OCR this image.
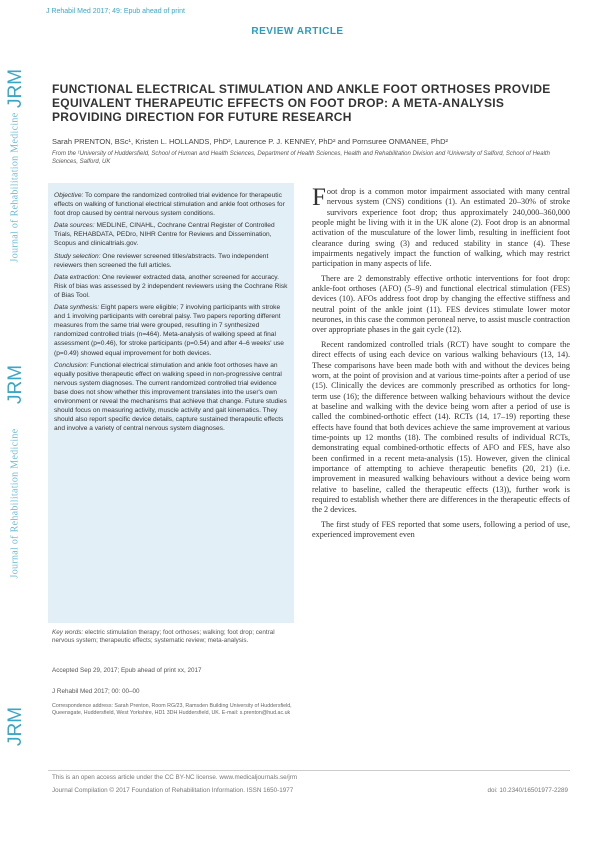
JRM
Journal of Rehabilitation Medicine
JRM
Journal of Rehabilitation Medicine
JRM
J Rehabil Med 2017; 49: Epub ahead of print
REVIEW ARTICLE
FUNCTIONAL ELECTRICAL STIMULATION AND ANKLE FOOT ORTHOSES PROVIDE EQUIVALENT THERAPEUTIC EFFECTS ON FOOT DROP: A META-ANALYSIS PROVIDING DIRECTION FOR FUTURE RESEARCH
Sarah PRENTON, BSc¹, Kristen L. HOLLANDS, PhD², Laurence P. J. KENNEY, PhD² and Pornsuree ONMANEE, PhD²
From the ¹University of Huddersfield, School of Human and Health Sciences, Department of Health Sciences, Health and Rehabilitation Division and ²University of Salford, School of Health Sciences, Salford, UK

Objective: To compare the randomized controlled trial evidence for therapeutic effects on walking of functional electrical stimulation and ankle foot orthoses for foot drop caused by central nervous system conditions.

Data sources: MEDLINE, CINAHL, Cochrane Central Register of Controlled Trials, REHABDATA, PEDro, NIHR Centre for Reviews and Dissemination, Scopus and clinicaltrials.gov.

Study selection: One reviewer screened titles/abstracts. Two independent reviewers then screened the full articles.

Data extraction: One reviewer extracted data, another screened for accuracy. Risk of bias was assessed by 2 independent reviewers using the Cochrane Risk of Bias Tool.

Data synthesis: Eight papers were eligible; 7 involving participants with stroke and 1 involving participants with cerebral palsy. Two papers reporting different measures from the same trial were grouped, resulting in 7 synthesized randomized controlled trials (n=464). Meta-analysis of walking speed at final assessment (p=0.46), for stroke participants (p=0.54) and after 4–6 weeks' use (p=0.49) showed equal improvement for both devices.

Conclusion: Functional electrical stimulation and ankle foot orthoses have an equally positive therapeutic effect on walking speed in non-progressive central nervous system diagnoses. The current randomized controlled trial evidence base does not show whether this improvement translates into the user's own environment or reveal the mechanisms that achieve that change. Future studies should focus on measuring activity, muscle activity and gait kinematics. They should also report specific device details, capture sustained therapeutic effects and involve a variety of central nervous system diagnoses.

Key words: electric stimulation therapy; foot orthoses; walking; foot drop; central nervous system; therapeutic effects; systematic review; meta-analysis.
Accepted Sep 29, 2017; Epub ahead of print xx, 2017
J Rehabil Med 2017; 00: 00–00
Correspondence address: Sarah Prenton, Room RG/23, Ramsden Building University of Huddersfield, Queensgate, Huddersfield, West Yorkshire, HD1 3DH Huddersfield, UK. E-mail: s.prenton@hud.ac.uk

Foot drop is a common motor impairment associated with many central nervous system (CNS) conditions (1). An estimated 20–30% of stroke survivors experience foot drop; thus approximately 240,000–360,000 people might be living with it in the UK alone (2). Foot drop is an abnormal activation of the musculature of the lower limb, resulting in inefficient foot clearance during swing (3) and reduced stability in stance (4). These impairments negatively impact the function of walking, which may restrict participation in many aspects of life.

There are 2 demonstrably effective orthotic interventions for foot drop: ankle-foot orthoses (AFO) (5–9) and functional electrical stimulation (FES) devices (10). AFOs address foot drop by changing the effective stiffness and neutral point of the ankle joint (11). FES devices stimulate lower motor neurones, in this case the common peroneal nerve, to assist muscle contraction over appropriate phases in the gait cycle (12).

Recent randomized controlled trials (RCT) have sought to compare the direct effects of using each device on various walking behaviours (13, 14). These comparisons have been made both with and without the devices being worn, at the point of provision and at various time-points after a period of use (15). Clinically the devices are commonly prescribed as orthotics for long-term use (16); the difference between walking behaviours without the device at baseline and walking with the device being worn after a period of use is called the combined-orthotic effect (14). RCTs (14, 17–19) reporting these effects have found that both devices achieve the same improvement at various time-points up 12 months (18). The combined results of individual RCTs, demonstrating equal combined-orthotic effects of AFO and FES, have also been confirmed in a recent meta-analysis (15). However, given the clinical importance of attempting to achieve therapeutic benefits (20, 21) (i.e. improvement in measured walking behaviours without a device being worn relative to baseline, called the therapeutic effects (13)), further work is required to establish whether there are differences in the therapeutic effects of the 2 devices.

The first study of FES reported that some users, following a period of use, experienced improvement even

This is an open access article under the CC BY-NC license. www.medicaljournals.se/jrm
Journal Compilation © 2017 Foundation of Rehabilitation Information. ISSN 1650-1977	doi: 10.2340/16501977-2289
